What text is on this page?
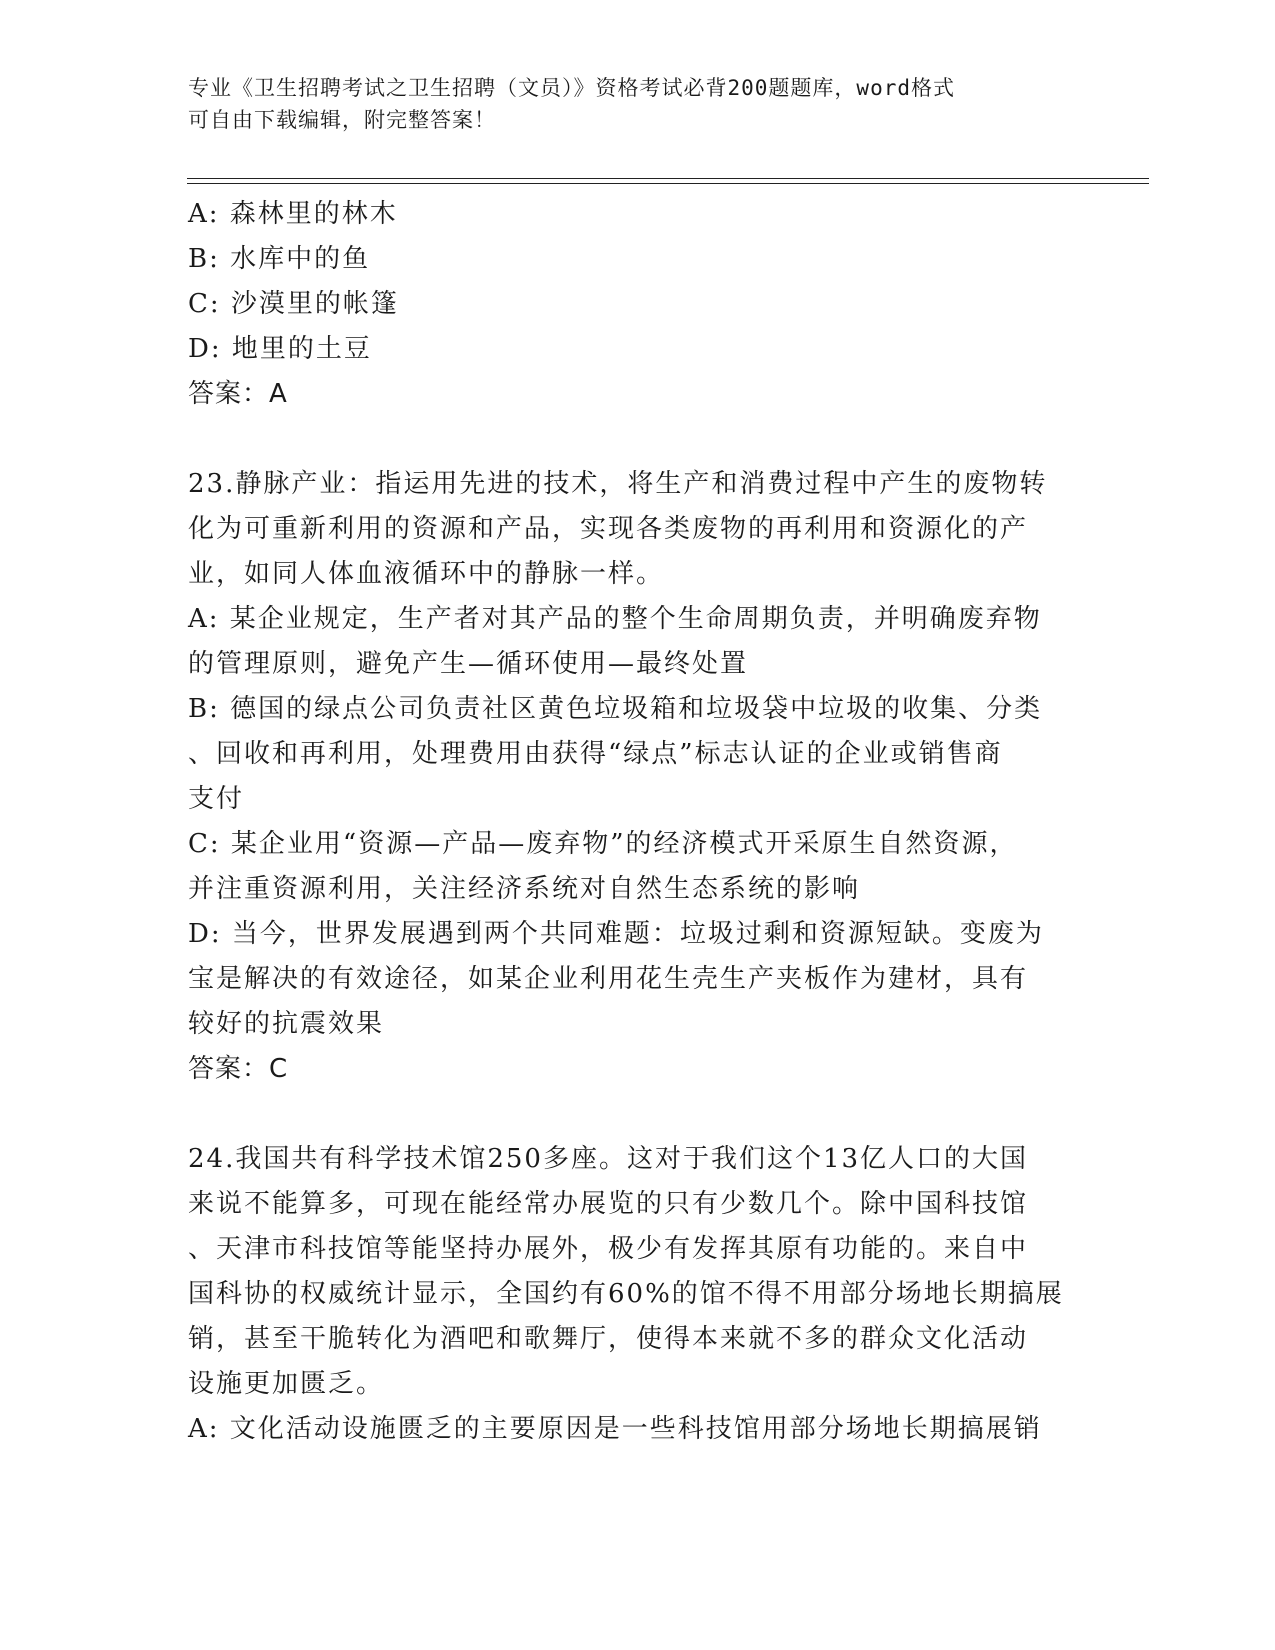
专业《卫生招聘考试之卫生招聘（文员）》资格考试必背200题题库，word格式
可自由下载编辑，附完整答案！

A: 森林里的林木

B: 水库中的鱼

C: 沙漠里的帐篷

D: 地里的土豆

答案：A

23.静脉产业：指运用先进的技术，将生产和消费过程中产生的废物转

化为可重新利用的资源和产品，实现各类废物的再利用和资源化的产

业，如同人体血液循环中的静脉一样。

A: 某企业规定，生产者对其产品的整个生命周期负责，并明确废弃物

的管理原则，避免产生—循环使用—最终处置

B: 德国的绿点公司负责社区黄色垃圾箱和垃圾袋中垃圾的收集、分类

、回收和再利用，处理费用由获得“绿点”标志认证的企业或销售商

支付

C: 某企业用“资源—产品—废弃物”的经济模式开采原生自然资源，

并注重资源利用，关注经济系统对自然生态系统的影响

D: 当今，世界发展遇到两个共同难题：垃圾过剩和资源短缺。变废为

宝是解决的有效途径，如某企业利用花生壳生产夹板作为建材，具有

较好的抗震效果

答案：C

24.我国共有科学技术馆250多座。这对于我们这个13亿人口的大国

来说不能算多，可现在能经常办展览的只有少数几个。除中国科技馆

、天津市科技馆等能坚持办展外，极少有发挥其原有功能的。来自中

国科协的权威统计显示，全国约有60%的馆不得不用部分场地长期搞展

销，甚至干脆转化为酒吧和歌舞厅，使得本来就不多的群众文化活动

设施更加匮乏。

A: 文化活动设施匮乏的主要原因是一些科技馆用部分场地长期搞展销
